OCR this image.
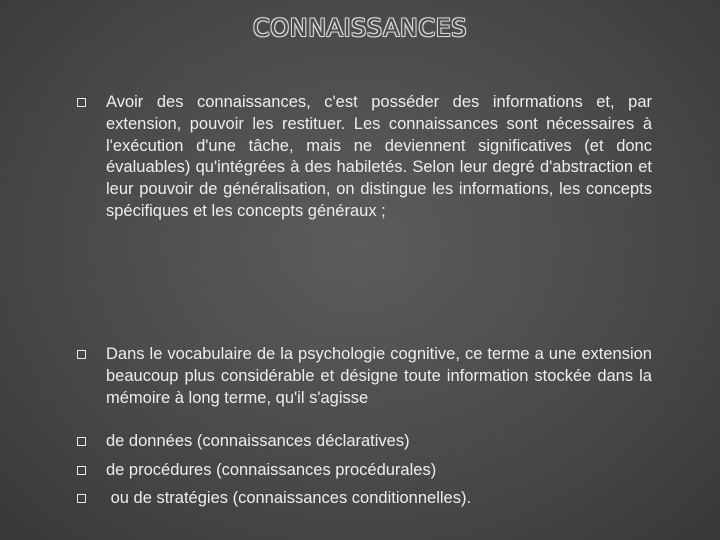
CONNAISSANCES

Avoir des connaissances, c'est posséder des informations et, par extension, pouvoir les restituer. Les connaissances sont nécessaires à l'exécution d'une tâche, mais ne deviennent significatives (et donc évaluables) qu'intégrées à des habiletés. Selon leur degré d'abstraction et leur pouvoir de généralisation, on distingue les informations, les concepts spécifiques et les concepts généraux ;

Dans le vocabulaire de la psychologie cognitive, ce terme a une extension beaucoup plus considérable et désigne toute information stockée dans la mémoire à long terme, qu'il s'agisse

de données (connaissances déclaratives)

de procédures (connaissances procédurales)

ou de stratégies (connaissances conditionnelles).
